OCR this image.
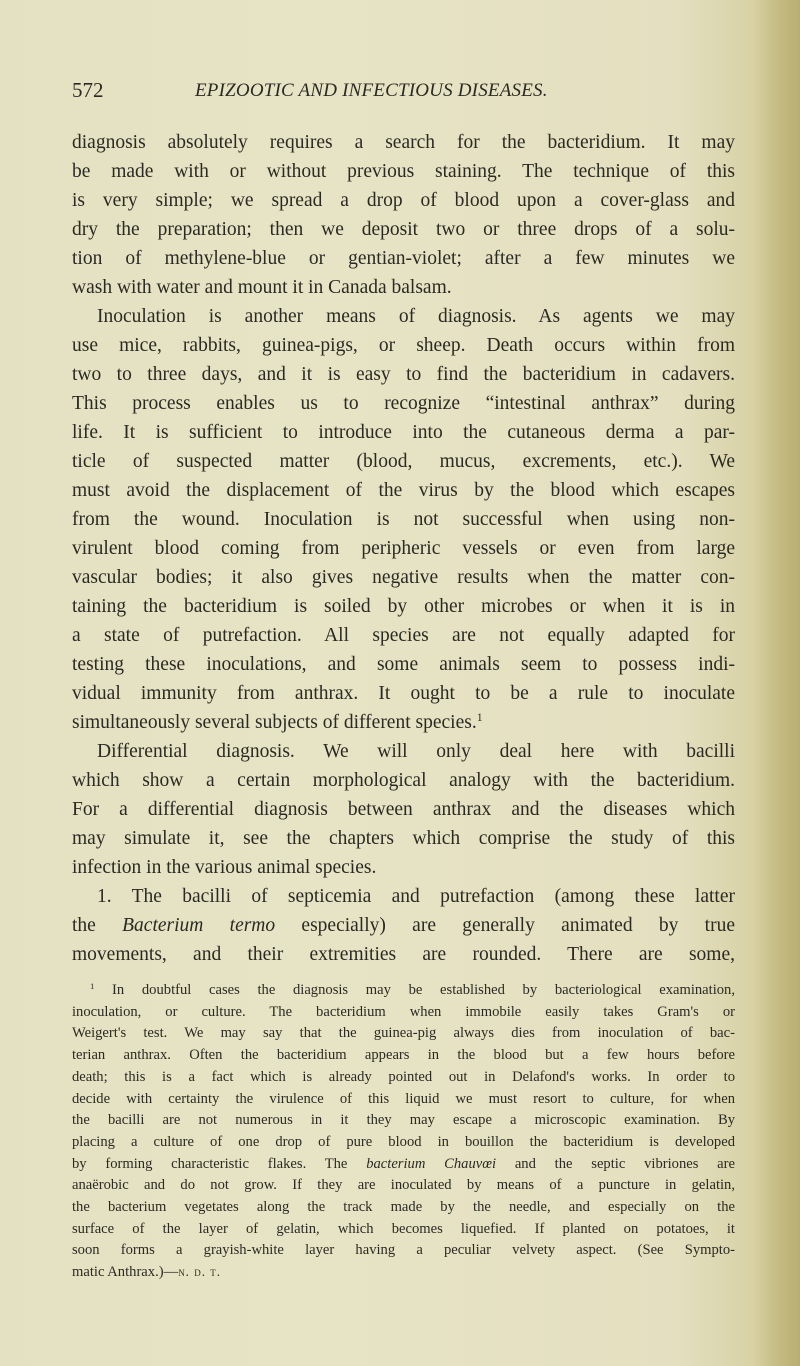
572	EPIZOOTIC AND INFECTIOUS DISEASES.
diagnosis absolutely requires a search for the bacteridium. It may
be made with or without previous staining. The technique of this
is very simple; we spread a drop of blood upon a cover-glass and
dry the preparation; then we deposit two or three drops of a solu-
tion of methylene-blue or gentian-violet; after a few minutes we
wash with water and mount it in Canada balsam.
Inoculation is another means of diagnosis. As agents we may
use mice, rabbits, guinea-pigs, or sheep. Death occurs within from
two to three days, and it is easy to find the bacteridium in cadavers.
This process enables us to recognize “intestinal anthrax” during
life. It is sufficient to introduce into the cutaneous derma a par-
ticle of suspected matter (blood, mucus, excrements, etc.). We
must avoid the displacement of the virus by the blood which escapes
from the wound. Inoculation is not successful when using non-
virulent blood coming from peripheric vessels or even from large
vascular bodies; it also gives negative results when the matter con-
taining the bacteridium is soiled by other microbes or when it is in
a state of putrefaction. All species are not equally adapted for
testing these inoculations, and some animals seem to possess indi-
vidual immunity from anthrax. It ought to be a rule to inoculate
simultaneously several subjects of different species.$^1$
Differential diagnosis. We will only deal here with bacilli
which show a certain morphological analogy with the bacteridium.
For a differential diagnosis between anthrax and the diseases which
may simulate it, see the chapters which comprise the study of this
infection in the various animal species.
1. The bacilli of septicemia and putrefaction (among these latter
the Bacterium termo especially) are generally animated by true
movements, and their extremities are rounded. There are some,
$^1$ In doubtful cases the diagnosis may be established by bacteriological examination,
inoculation, or culture. The bacteridium when immobile easily takes Gram's or
Weigert's test. We may say that the guinea-pig always dies from inoculation of bac-
terian anthrax. Often the bacteridium appears in the blood but a few hours before
death; this is a fact which is already pointed out in Delafond's works. In order to
decide with certainty the virulence of this liquid we must resort to culture, for when
the bacilli are not numerous in it they may escape a microscopic examination. By
placing a culture of one drop of pure blood in bouillon the bacteridium is developed
by forming characteristic flakes. The bacterium Chauvœi and the septic vibriones are
anaërobic and do not grow. If they are inoculated by means of a puncture in gelatin,
the bacterium vegetates along the track made by the needle, and especially on the
surface of the layer of gelatin, which becomes liquefied. If planted on potatoes, it
soon forms a grayish-white layer having a peculiar velvety aspect. (See Sympto-
matic Anthrax.)—n. d. t.
